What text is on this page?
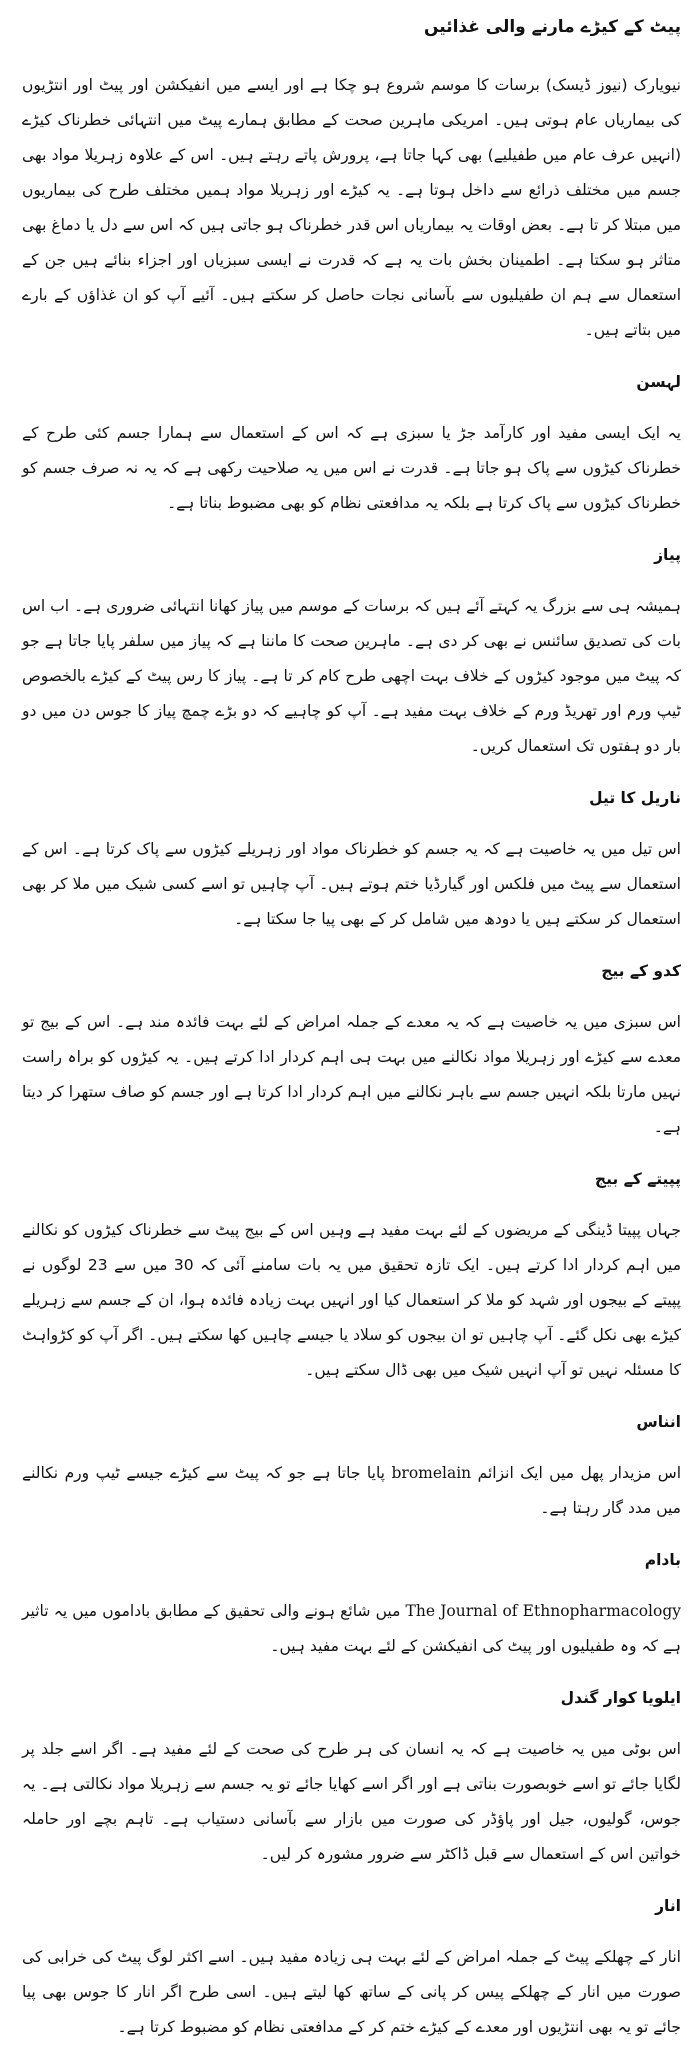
پیٹ کے کیڑے مارنے والی غذائیں

نیویارک (نیوز ڈیسک) برسات کا موسم شروع ہو چکا ہے اور ایسے میں انفیکشن اور پیٹ اور انتڑیوں کی بیماریاں عام ہوتی ہیں۔ امریکی ماہرین صحت کے مطابق ہمارے پیٹ میں انتہائی خطرناک کیڑے (انہیں عرف عام میں طفیلیے) بھی کہا جاتا ہے، پرورش پاتے رہتے ہیں۔ اس کے علاوہ زہریلا مواد بھی جسم میں مختلف ذرائع سے داخل ہوتا ہے۔ یہ کیڑے اور زہریلا مواد ہمیں مختلف طرح کی بیماریوں میں مبتلا کر تا ہے۔ بعض اوقات یہ بیماریاں اس قدر خطرناک ہو جاتی ہیں کہ اس سے دل یا دماغ بھی متاثر ہو سکتا ہے۔ اطمینان بخش بات یہ ہے کہ قدرت نے ایسی سبزیاں اور اجزاء بنائے ہیں جن کے استعمال سے ہم ان طفیلیوں سے بآسانی نجات حاصل کر سکتے ہیں۔ آئیے آپ کو ان غذاؤں کے بارے میں بتاتے ہیں۔

لہسن

یہ ایک ایسی مفید اور کارآمد جڑ یا سبزی ہے کہ اس کے استعمال سے ہمارا جسم کئی طرح کے خطرناک کیڑوں سے پاک ہو جاتا ہے۔ قدرت نے اس میں یہ صلاحیت رکھی ہے کہ یہ نہ صرف جسم کو خطرناک کیڑوں سے پاک کرتا ہے بلکہ یہ مدافعتی نظام کو بھی مضبوط بناتا ہے۔

پیاز

ہمیشہ ہی سے بزرگ یہ کہتے آئے ہیں کہ برسات کے موسم میں پیاز کھانا انتہائی ضروری ہے۔ اب اس بات کی تصدیق سائنس نے بھی کر دی ہے۔ ماہرین صحت کا ماننا ہے کہ پیاز میں سلفر پایا جاتا ہے جو کہ پیٹ میں موجود کیڑوں کے خلاف بہت اچھی طرح کام کر تا ہے۔ پیاز کا رس پیٹ کے کیڑے بالخصوص ٹیپ ورم اور تھریڈ ورم کے خلاف بہت مفید ہے۔ آپ کو چاہیے کہ دو بڑے چمچ پیاز کا جوس دن میں دو بار دو ہفتوں تک استعمال کریں۔

ناریل کا تیل

اس تیل میں یہ خاصیت ہے کہ یہ جسم کو خطرناک مواد اور زہریلے کیڑوں سے پاک کرتا ہے۔ اس کے استعمال سے پیٹ میں فلکس اور گیارڈیا ختم ہوتے ہیں۔ آپ چاہیں تو اسے کسی شیک میں ملا کر بھی استعمال کر سکتے ہیں یا دودھ میں شامل کر کے بھی پیا جا سکتا ہے۔

کدو کے بیج

اس سبزی میں یہ خاصیت ہے کہ یہ معدے کے جملہ امراض کے لئے بہت فائدہ مند ہے۔ اس کے بیج تو معدے سے کیڑے اور زہریلا مواد نکالنے میں بہت ہی اہم کردار ادا کرتے ہیں۔ یہ کیڑوں کو براہ راست نہیں مارتا بلکہ انہیں جسم سے باہر نکالنے میں اہم کردار ادا کرتا ہے اور جسم کو صاف ستھرا کر دیتا ہے۔

پپیتے کے بیج

جہاں پپیتا ڈینگی کے مریضوں کے لئے بہت مفید ہے وہیں اس کے بیج پیٹ سے خطرناک کیڑوں کو نکالنے میں اہم کردار ادا کرتے ہیں۔ ایک تازہ تحقیق میں یہ بات سامنے آئی کہ 30 میں سے 23 لوگوں نے پپیتے کے بیجوں اور شہد کو ملا کر استعمال کیا اور انہیں بہت زیادہ فائدہ ہوا، ان کے جسم سے زہریلے کیڑے بھی نکل گئے۔ آپ چاہیں تو ان بیجوں کو سلاد یا جیسے چاہیں کھا سکتے ہیں۔ اگر آپ کو کڑواہٹ کا مسئلہ نہیں تو آپ انہیں شیک میں بھی ڈال سکتے ہیں۔

انناس

اس مزیدار پھل میں ایک انزائم bromelain پایا جاتا ہے جو کہ پیٹ سے کیڑے جیسے ٹیپ ورم نکالنے میں مدد گار رہتا ہے۔

بادام

The Journal of Ethnopharmacology میں شائع ہونے والی تحقیق کے مطابق باداموں میں یہ تاثیر ہے کہ وہ طفیلیوں اور پیٹ کی انفیکشن کے لئے بہت مفید ہیں۔

ایلویا کوار گندل

اس بوٹی میں یہ خاصیت ہے کہ یہ انسان کی ہر طرح کی صحت کے لئے مفید ہے۔ اگر اسے جلد پر لگایا جائے تو اسے خوبصورت بناتی ہے اور اگر اسے کھایا جائے تو یہ جسم سے زہریلا مواد نکالتی ہے۔ یہ جوس، گولیوں، جیل اور پاؤڈر کی صورت میں بازار سے بآسانی دستیاب ہے۔ تاہم بچے اور حاملہ خواتین اس کے استعمال سے قبل ڈاکٹر سے ضرور مشورہ کر لیں۔

انار

انار کے چھلکے پیٹ کے جملہ امراض کے لئے بہت ہی زیادہ مفید ہیں۔ اسے اکثر لوگ پیٹ کی خرابی کی صورت میں انار کے چھلکے پیس کر پانی کے ساتھ کھا لیتے ہیں۔ اسی طرح اگر انار کا جوس بھی پیا جائے تو یہ بھی انتڑیوں اور معدے کے کیڑے ختم کر کے مدافعتی نظام کو مضبوط کرتا ہے۔
